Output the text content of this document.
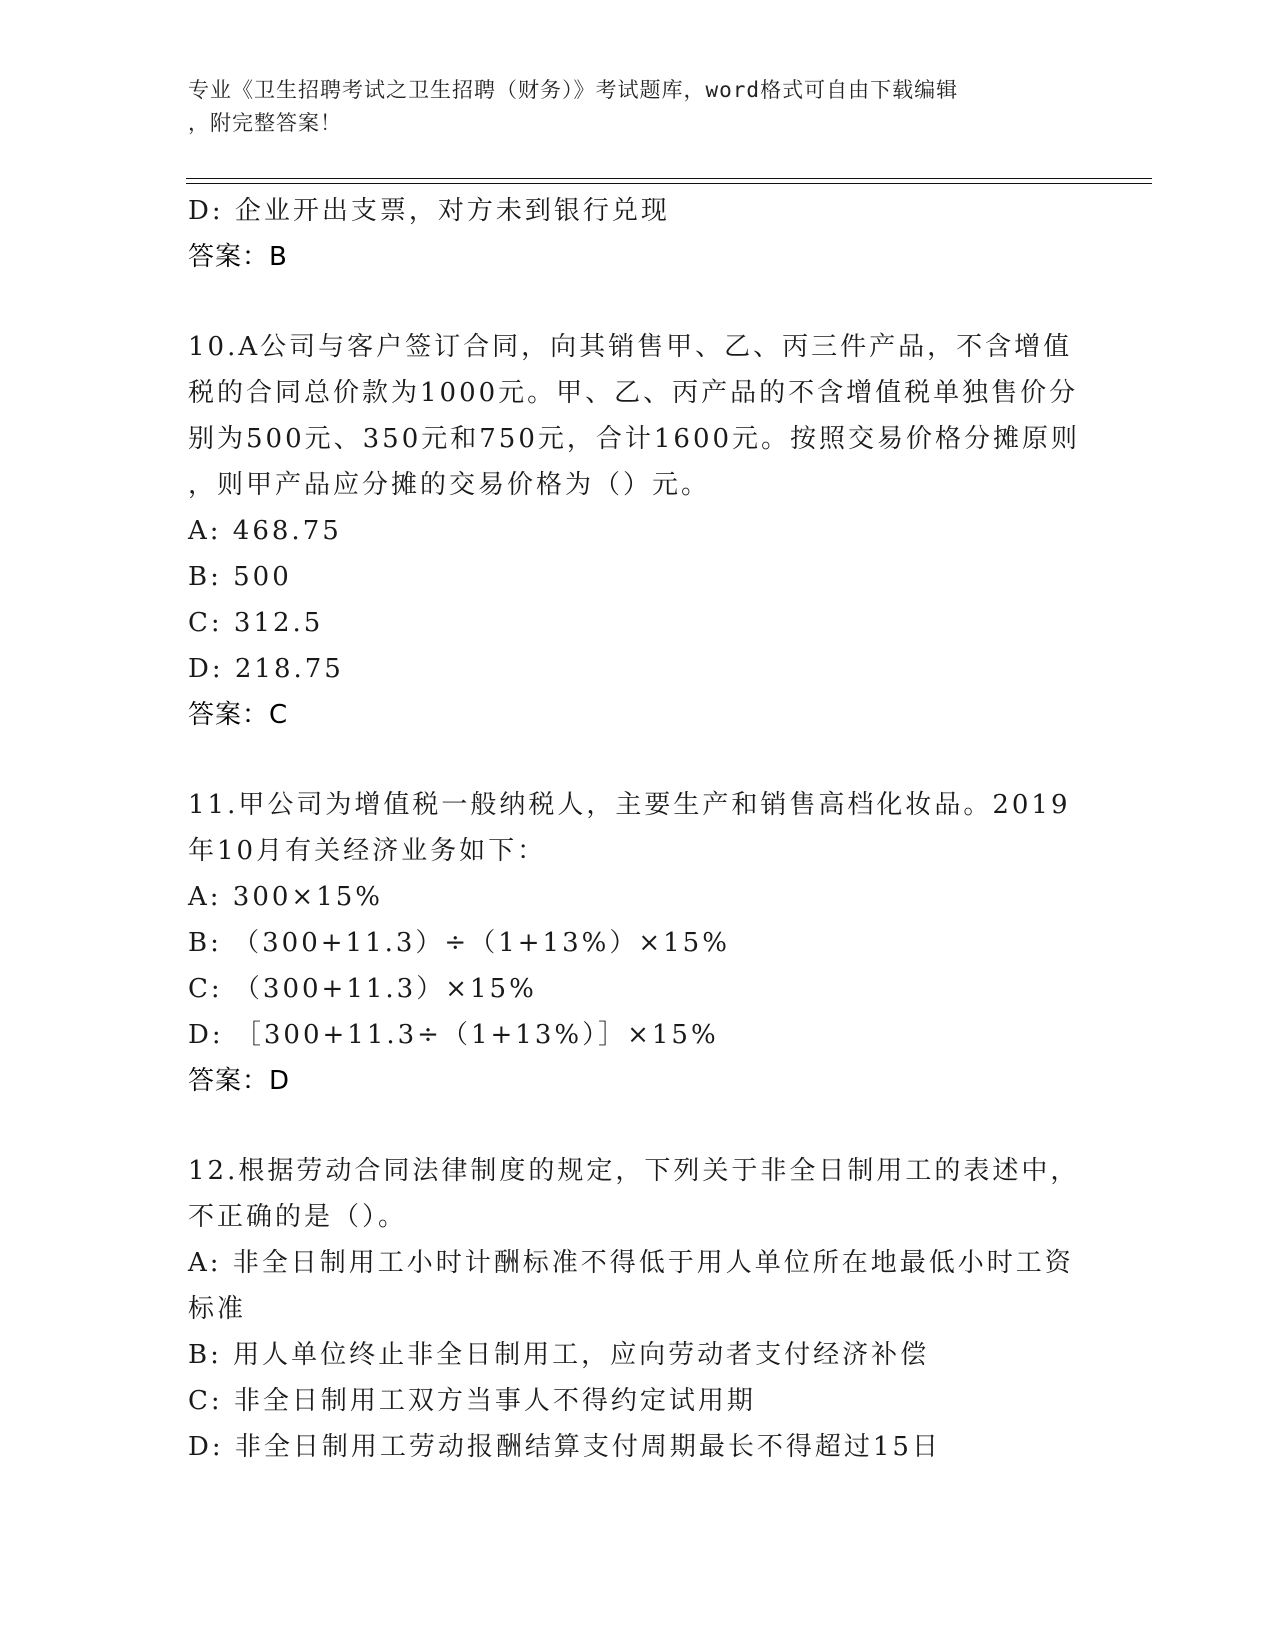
专业《卫生招聘考试之卫生招聘（财务）》考试题库，word格式可自由下载编辑
，附完整答案！
D: 企业开出支票，对方未到银行兑现
答案：B
10.A公司与客户签订合同，向其销售甲、乙、丙三件产品，不含增值
税的合同总价款为1000元。甲、乙、丙产品的不含增值税单独售价分
别为500元、350元和750元，合计1600元。按照交易价格分摊原则
，则甲产品应分摊的交易价格为（）元。
A: 468.75
B: 500
C: 312.5
D: 218.75
答案：C
11.甲公司为增值税一般纳税人，主要生产和销售高档化妆品。2019
年10月有关经济业务如下：
A: 300×15%
B: （300+11.3）÷（1+13%）×15%
C: （300+11.3）×15%
D: ［300+11.3÷（1+13%）］×15%
答案：D
12.根据劳动合同法律制度的规定，下列关于非全日制用工的表述中，
不正确的是（）。
A: 非全日制用工小时计酬标准不得低于用人单位所在地最低小时工资
标准
B: 用人单位终止非全日制用工，应向劳动者支付经济补偿
C: 非全日制用工双方当事人不得约定试用期
D: 非全日制用工劳动报酬结算支付周期最长不得超过15日
